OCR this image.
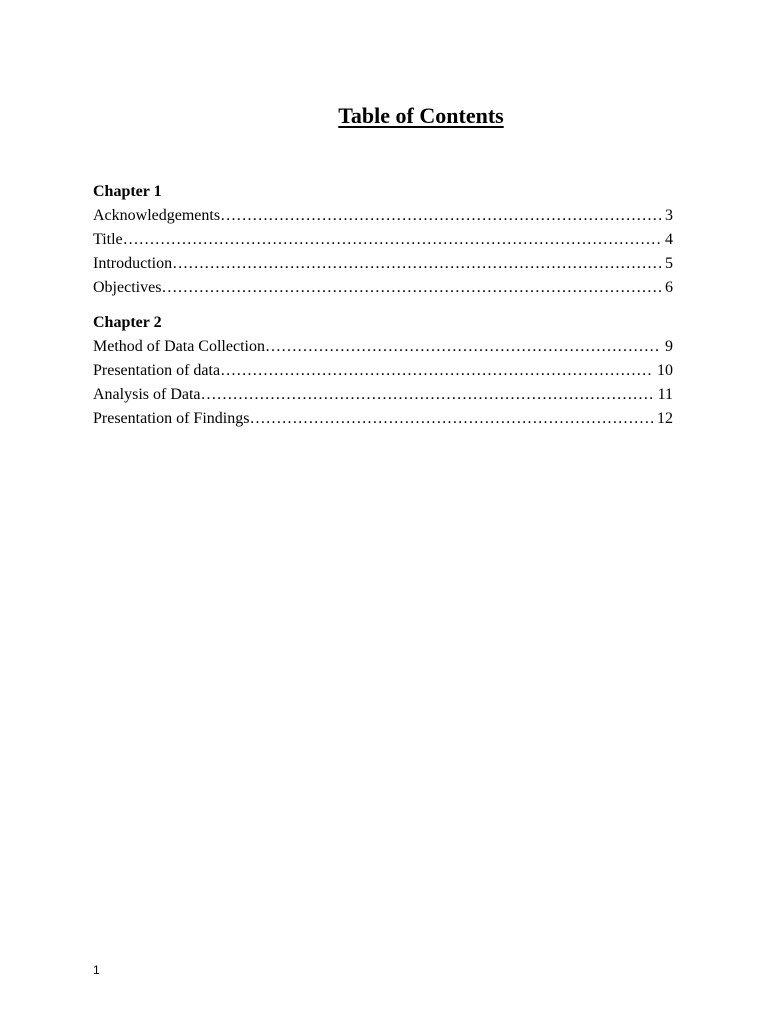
Table of Contents
Chapter 1
Acknowledgements ……………………………………………………………………………………………………………………………………………………………………………………………	3
Title ……………………………………………………………………………………………………………………………………………………………………………………………	4
Introduction ……………………………………………………………………………………………………………………………………………………………………………………………	5
Objectives ……………………………………………………………………………………………………………………………………………………………………………………………	6
Chapter 2
Method of Data Collection ……………………………………………………………………………………………………………………………………………………………………………………………	9
Presentation of data ……………………………………………………………………………………………………………………………………………………………………………………………	10
Analysis of Data ……………………………………………………………………………………………………………………………………………………………………………………………	11
Presentation of Findings ……………………………………………………………………………………………………………………………………………………………………………………………	12
1
